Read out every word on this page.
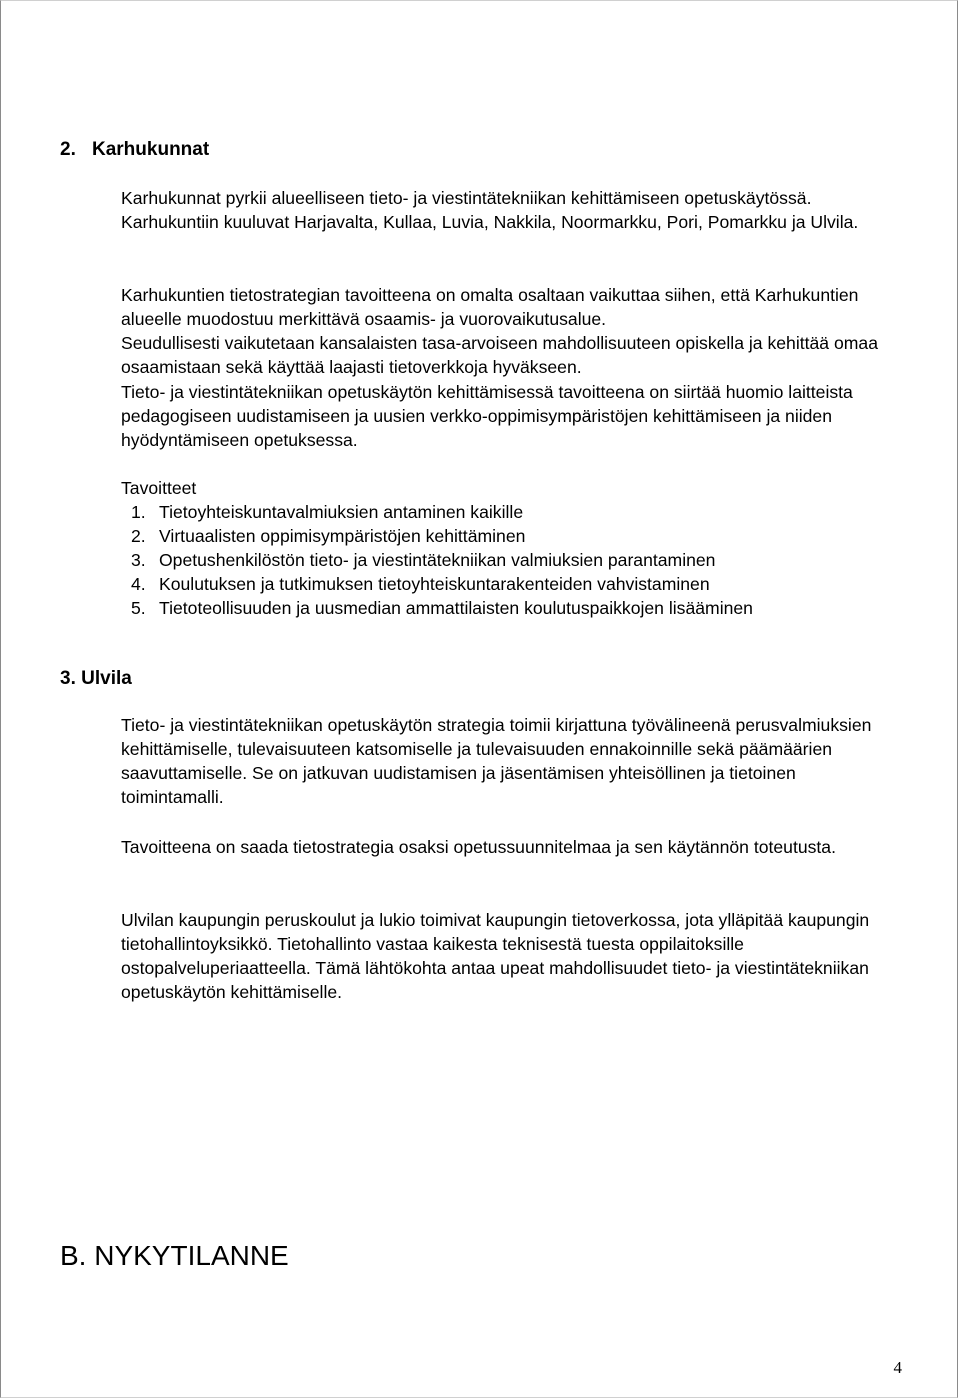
2. Karhukunnat

Karhukunnat pyrkii alueelliseen tieto- ja viestintätekniikan kehittämiseen opetuskäytössä. Karhukuntiin kuuluvat Harjavalta, Kullaa, Luvia, Nakkila, Noormarkku, Pori, Pomarkku ja Ulvila.

Karhukuntien tietostrategian tavoitteena on omalta osaltaan vaikuttaa siihen, että Karhukuntien alueelle muodostuu merkittävä osaamis- ja vuorovaikutusalue.

Seudullisesti vaikutetaan kansalaisten tasa-arvoiseen mahdollisuuteen opiskella ja kehittää omaa osaamistaan sekä käyttää laajasti tietoverkkoja hyväkseen.

Tieto- ja viestintätekniikan opetuskäytön kehittämisessä tavoitteena on siirtää huomio laitteista pedagogiseen uudistamiseen ja uusien verkko-oppimisympäristöjen kehittämiseen ja niiden hyödyntämiseen opetuksessa.

Tavoitteet

1. Tietoyhteiskuntavalmiuksien antaminen kaikille
2. Virtuaalisten oppimisympäristöjen kehittäminen
3. Opetushenkilöstön tieto- ja viestintätekniikan valmiuksien parantaminen
4. Koulutuksen ja tutkimuksen tietoyhteiskuntarakenteiden vahvistaminen
5. Tietoteollisuuden ja uusmedian ammattilaisten koulutuspaikkojen lisääminen
3. Ulvila

Tieto- ja viestintätekniikan opetuskäytön strategia toimii kirjattuna työvälineenä perusvalmiuksien kehittämiselle, tulevaisuuteen katsomiselle ja tulevaisuuden ennakoinnille sekä päämäärien saavuttamiselle. Se on jatkuvan uudistamisen ja jäsentämisen yhteisöllinen ja tietoinen toimintamalli.

Tavoitteena on saada tietostrategia osaksi opetussuunnitelmaa ja sen käytännön toteutusta.

Ulvilan kaupungin peruskoulut ja lukio toimivat kaupungin tietoverkossa, jota ylläpitää kaupungin tietohallintoyksikkö. Tietohallinto vastaa kaikesta teknisestä tuesta oppilaitoksille ostopalveluperiaatteella. Tämä lähtökohta antaa upeat mahdollisuudet tieto- ja viestintätekniikan opetuskäytön kehittämiselle.

B. NYKYTILANNE
4
